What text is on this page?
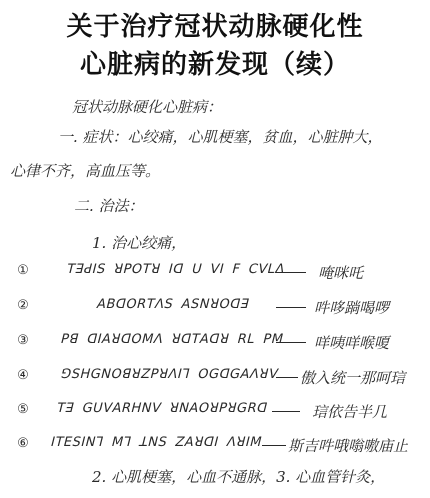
关于治疗冠状动脉硬化性
心脏病的新发现（续）
冠状动脉硬化心脏病：
一. 症状：心绞痛，心肌梗塞，贫血，心脏肿大，
心律不齐，高血压等。
二. 治法：
1. 治心绞痛，
①	ꓔꓱꓒꓲꓢ ꓤꓑꓳꓔꓤ ꓲꓷ ꓴ ꓦꓲ ꓝ ꓚꓦꓡꓥ 唵咪吒
②	ꓮꓐꓷꓳꓣꓔꓥꓢ ꓮꓢꓠꓤꓳꓷꓱ	吽哆䠀喝啰
③ ꓑꓭ ꓷꓲꓮꓤꓷꓳꓟꓥ ꓤꓷꓔꓮꓷꓤ ꓣꓡ ꓑꓟ 咩咦咩喉嗄
④ ꓨꓢꓧꓖꓠꓳꓭꓤꓜꓑꓤꓥꓲꓶ ꓳꓖꓷꓖꓮꓥꓤꓦ 傲入统一那呵琂
⑤ ꓔꓱ ꓖꓴꓦꓮꓣꓧꓠꓦ ꓤꓠꓮꓳꓤꓑꓤꓖꓣꓷ	琂依告半几
⑥ ꓲꓔꓰꓢꓲꓠꓶ ꓟꓶ ꓕꓠꓢ ꓜꓮꓤꓷꓲ ꓥꓤꓲꓟ 斯吉吽哦嗡嗷庙止
2. 心肌梗塞，心血不通脉，3. 心血管针灸，
